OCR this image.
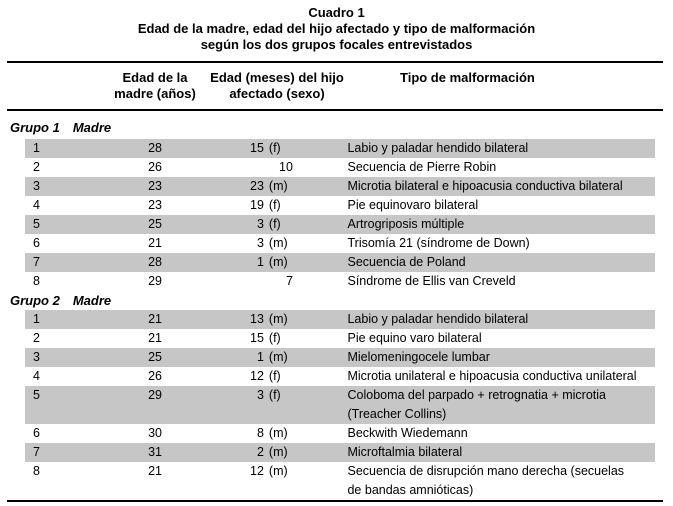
Cuadro 1
Edad de la madre, edad del hijo afectado y tipo de malformación
según los dos grupos focales entrevistados
Edad de la
madre (años)
Edad (meses) del hijo
afectado (sexo)
Tipo de malformación
Grupo 1 Madre
1	28	15 (f)	Labio y paladar hendido bilateral
2	26	10	Secuencia de Pierre Robin
3	23	23 (m)	Microtia bilateral e hipoacusia conductiva bilateral
4	23	19 (f)	Pie equinovaro bilateral
5	25	3 (f)	Artrogriposis múltiple
6	21	3 (m)	Trisomía 21 (síndrome de Down)
7	28	1 (m)	Secuencia de Poland
8	29	7	Síndrome de Ellis van Creveld
Grupo 2 Madre
1	21	13 (m)	Labio y paladar hendido bilateral
2	21	15 (f)	Pie equino varo bilateral
3	25	1 (m)	Mielomeningocele lumbar
4	26	12 (f)	Microtia unilateral e hipoacusia conductiva unilateral
5	29	3 (f)	Coloboma del parpado + retrognatia + microtia
(Treacher Collins)
6	30	8 (m)	Beckwith Wiedemann
7	31	2 (m)	Microftalmia bilateral
8	21	12 (m)	Secuencia de disrupción mano derecha (secuelas
de bandas amnióticas)
